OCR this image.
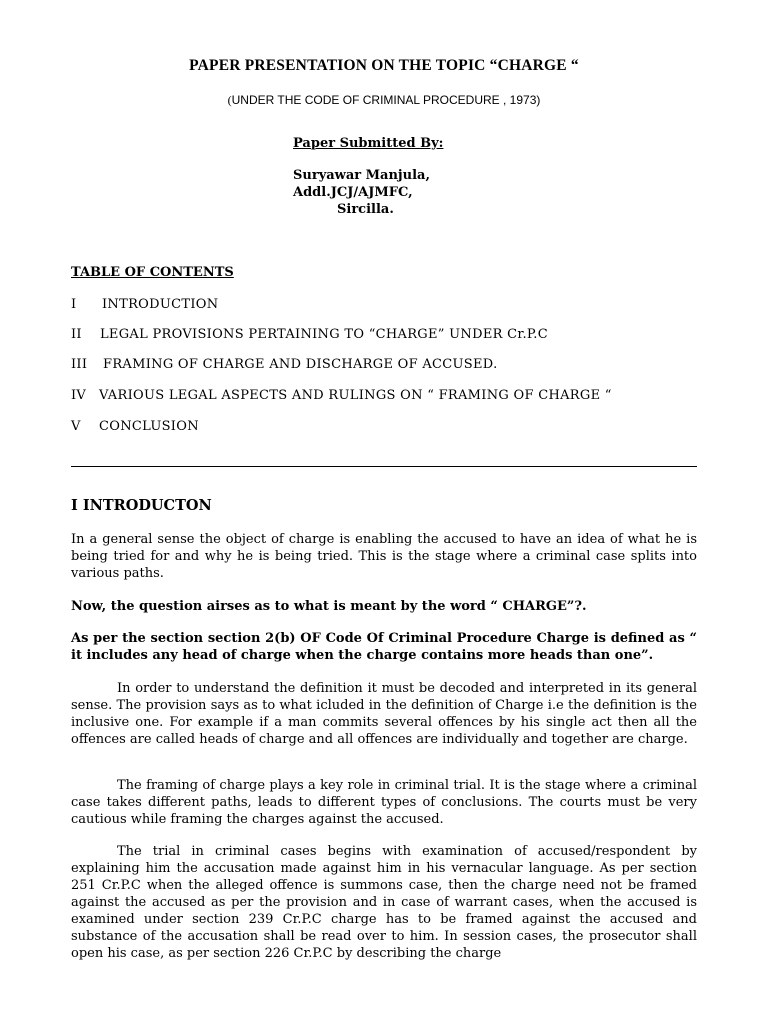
PAPER PRESENTATION ON THE TOPIC “CHARGE “
(UNDER THE CODE OF CRIMINAL PROCEDURE , 1973)
Paper Submitted By:
Suryawar Manjula,
Addl.JCJ/AJMFC,
Sircilla.
TABLE OF CONTENTS
I INTRODUCTION
II LEGAL PROVISIONS PERTAINING TO “CHARGE” UNDER Cr.P.C
III FRAMING OF CHARGE AND DISCHARGE OF ACCUSED.
IV VARIOUS LEGAL ASPECTS AND RULINGS ON “ FRAMING OF CHARGE “
V CONCLUSION
I INTRODUCTON
In a general sense the object of charge is enabling the accused to have an idea of what he is being tried for and why he is being tried. This is the stage where a criminal case splits into various paths.
Now, the question airses as to what is meant by the word “ CHARGE”?.
As per the section section 2(b) OF Code Of Criminal Procedure Charge is defined as “ it includes any head of charge when the charge contains more heads than one”.
In order to understand the definition it must be decoded and interpreted in its general sense. The provision says as to what icluded in the definition of Charge i.e the definition is the inclusive one. For example if a man commits several offences by his single act then all the offences are called heads of charge and all offences are individually and together are charge.
The framing of charge plays a key role in criminal trial. It is the stage where a criminal case takes different paths, leads to different types of conclusions. The courts must be very cautious while framing the charges against the accused.
The trial in criminal cases begins with examination of accused/respondent by explaining him the accusation made against him in his vernacular language. As per section 251 Cr.P.C when the alleged offence is summons case, then the charge need not be framed against the accused as per the provision and in case of warrant cases, when the accused is examined under section 239 Cr.P.C charge has to be framed against the accused and substance of the accusation shall be read over to him. In session cases, the prosecutor shall open his case, as per section 226 Cr.P.C by describing the charge
